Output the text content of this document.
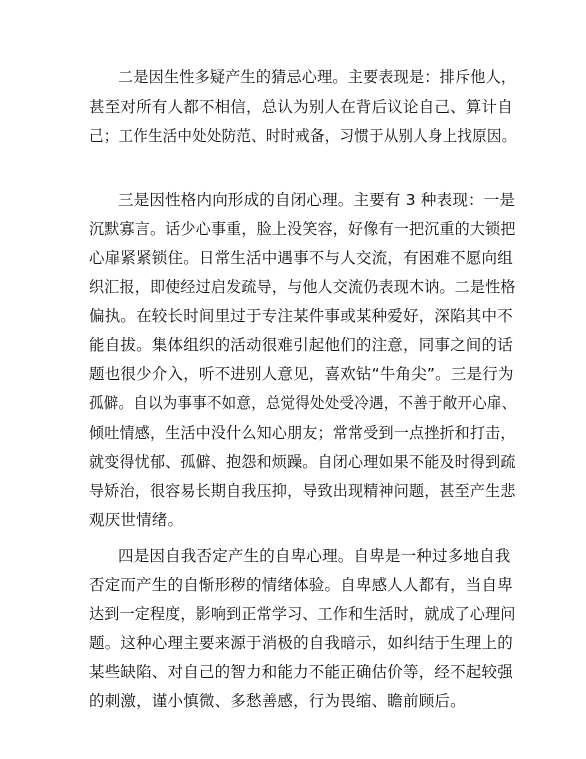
二是因生性多疑产生的猜忌心理。主要表现是：排斥他人，

甚至对所有人都不相信，总认为别人在背后议论自己、算计自

己；工作生活中处处防范、时时戒备，习惯于从别人身上找原因。

三是因性格内向形成的自闭心理。主要有 3 种表现：一是

沉默寡言。话少心事重，脸上没笑容，好像有一把沉重的大锁把

心扉紧紧锁住。日常生活中遇事不与人交流，有困难不愿向组

织汇报，即使经过启发疏导，与他人交流仍表现木讷。二是性格

偏执。在较长时间里过于专注某件事或某种爱好，深陷其中不

能自拔。集体组织的活动很难引起他们的注意，同事之间的话

题也很少介入，听不进别人意见，喜欢钻“牛角尖”。三是行为

孤僻。自以为事事不如意，总觉得处处受冷遇，不善于敞开心扉、

倾吐情感，生活中没什么知心朋友；常常受到一点挫折和打击，

就变得忧郁、孤僻、抱怨和烦躁。自闭心理如果不能及时得到疏

导矫治，很容易长期自我压抑，导致出现精神问题，甚至产生悲

观厌世情绪。

四是因自我否定产生的自卑心理。自卑是一种过多地自我

否定而产生的自惭形秽的情绪体验。自卑感人人都有，当自卑

达到一定程度，影响到正常学习、工作和生活时，就成了心理问

题。这种心理主要来源于消极的自我暗示，如纠结于生理上的

某些缺陷、对自己的智力和能力不能正确估价等，经不起较强

的刺激，谨小慎微、多愁善感，行为畏缩、瞻前顾后。
